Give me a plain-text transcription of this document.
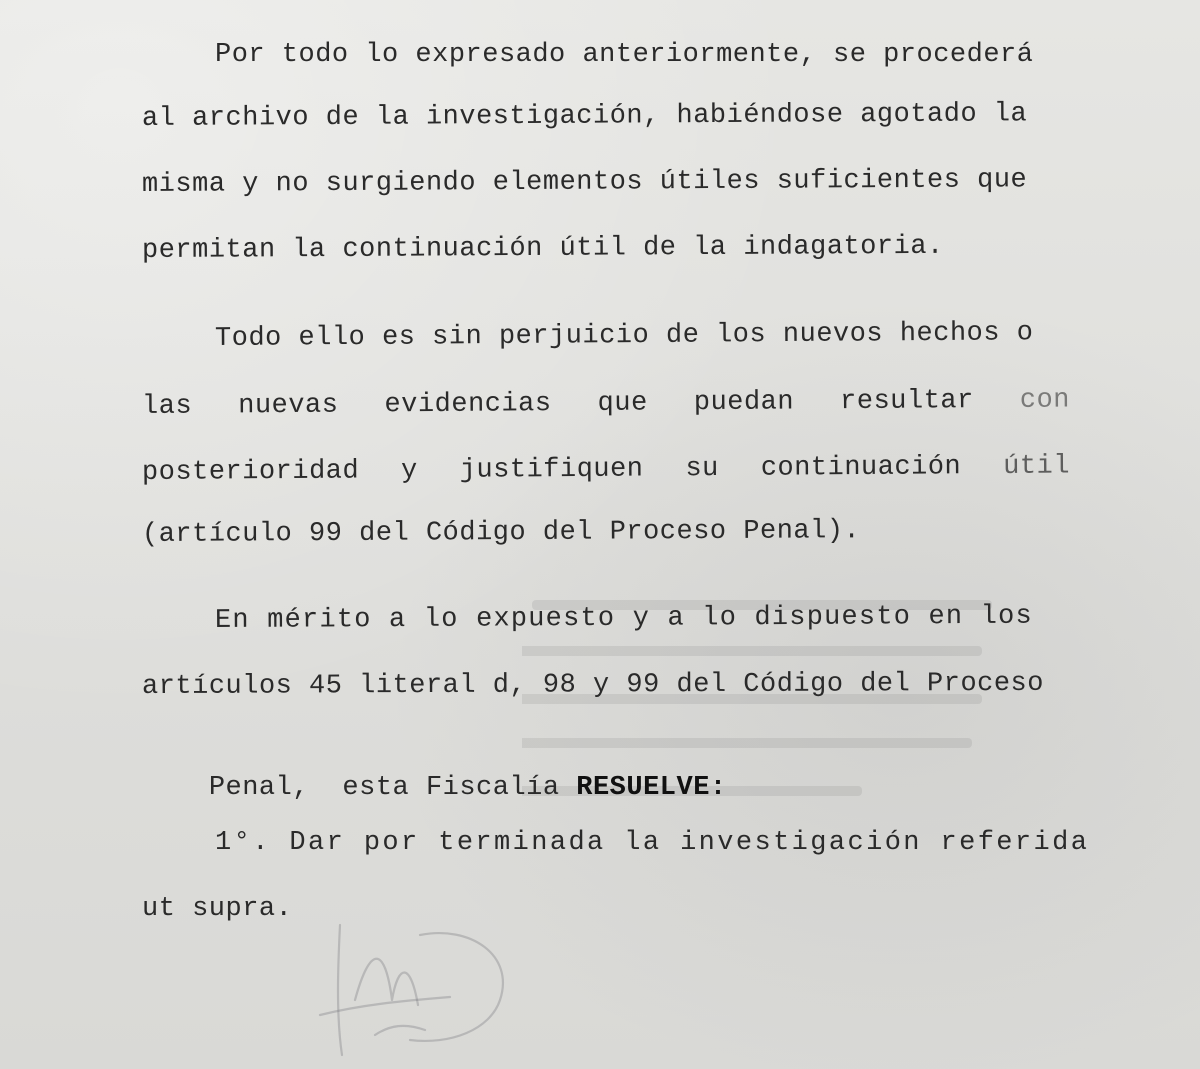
Por todo lo expresado anteriormente, se procederá
al archivo de la investigación, habiéndose agotado la
misma y no surgiendo elementos útiles suficientes que
permitan la continuación útil de la indagatoria.
Todo ello es sin perjuicio de los nuevos hechos o
las nuevas evidencias que puedan resultar con
posterioridad y justifiquen su continuación útil
(artículo 99 del Código del Proceso Penal).
En mérito a lo expuesto y a lo dispuesto en los
artículos 45 literal d, 98 y 99 del Código del Proceso

Penal,  esta Fiscalía RESUELVE:

1°. Dar por terminada la investigación referida
ut supra.
